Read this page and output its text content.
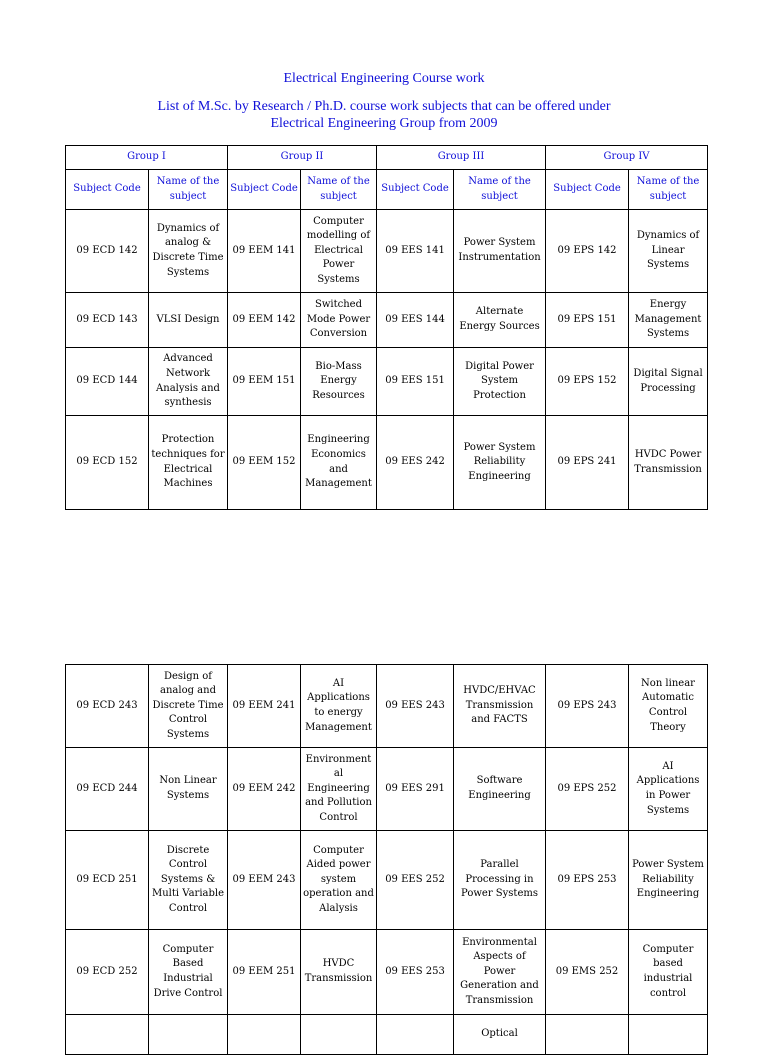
Electrical Engineering Course work
List of M.Sc. by Research / Ph.D. course work subjects that can be offered under
Electrical Engineering Group from 2009
Group I		Group II		Group III		Group IV	
Subject Code	Name of the subject	Subject Code	Name of the subject	Subject Code	Name of the subject	Subject Code	Name of the subject
09 ECD 142	Dynamics of analog & Discrete Time Systems	09 EEM 141	Computer modelling of Electrical Power Systems	09 EES 141	Power System Instrumentation	09 EPS 142	Dynamics of Linear Systems
09 ECD 143	VLSI Design	09 EEM 142	Switched Mode Power Conversion	09 EES 144	Alternate Energy Sources	09 EPS 151	Energy Management Systems
09 ECD 144	Advanced Network Analysis and synthesis	09 EEM 151	Bio-Mass Energy Resources	09 EES 151	Digital Power System Protection	09 EPS 152	Digital Signal Processing
09 ECD 152	Protection techniques for Electrical Machines	09 EEM 152	Engineering Economics and Management	09 EES 242	Power System Reliability Engineering	09 EPS 241	HVDC Power Transmission
09 ECD 243	Design of analog and Discrete Time Control Systems	09 EEM 241	AI Applications to energy Management	09 EES 243	HVDC/EHVAC Transmission and FACTS	09 EPS 243	Non linear Automatic Control Theory
09 ECD 244	Non Linear Systems	09 EEM 242	Environment al Engineering and Pollution Control	09 EES 291	Software Engineering	09 EPS 252	AI Applications in Power Systems
09 ECD 251	Discrete Control Systems & Multi Variable Control	09 EEM 243	Computer Aided power system operation and Alalysis	09 EES 252	Parallel Processing in Power Systems	09 EPS 253	Power System Reliability Engineering
09 ECD 252	Computer Based Industrial Drive Control	09 EEM 251	HVDC Transmission	09 EES 253	Environmental Aspects of Power Generation and Transmission	09 EMS 252	Computer based industrial control
					Optical		
